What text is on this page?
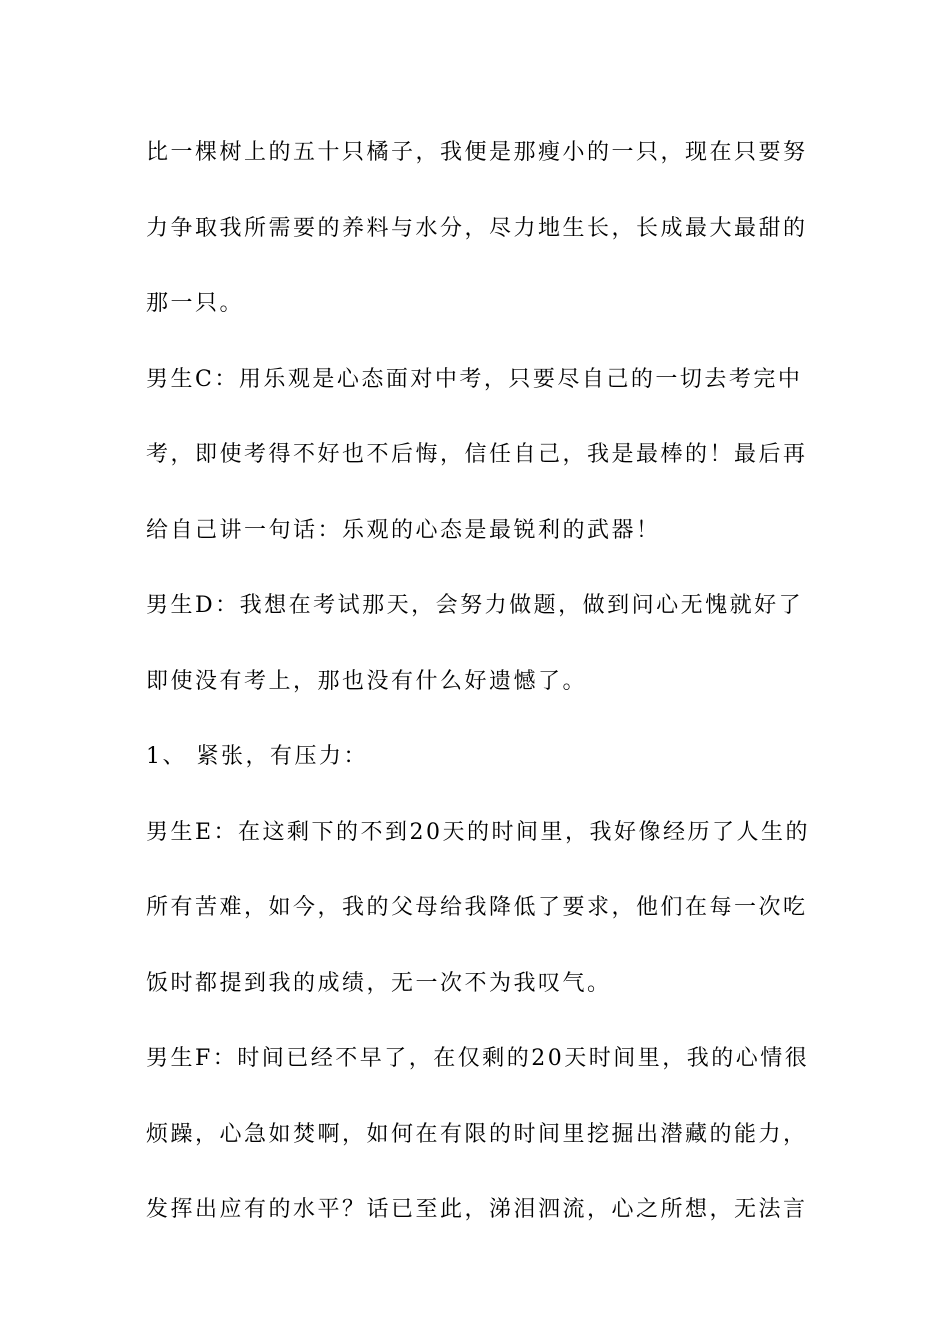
比一棵树上的五十只橘子，我便是那瘦小的一只，现在只要努
力争取我所需要的养料与水分，尽力地生长，长成最大最甜的
那一只。
男生C：用乐观是心态面对中考，只要尽自己的一切去考完中
考，即使考得不好也不后悔，信任自己，我是最棒的！最后再
给自己讲一句话：乐观的心态是最锐利的武器！
男生D：我想在考试那天，会努力做题，做到问心无愧就好了
即使没有考上，那也没有什么好遗憾了。
1、 紧张，有压力：
男生E：在这剩下的不到20天的时间里，我好像经历了人生的
所有苦难，如今，我的父母给我降低了要求，他们在每一次吃
饭时都提到我的成绩，无一次不为我叹气。
男生F：时间已经不早了，在仅剩的20天时间里，我的心情很
烦躁，心急如焚啊，如何在有限的时间里挖掘出潜藏的能力，
发挥出应有的水平？话已至此，涕泪泗流，心之所想，无法言
